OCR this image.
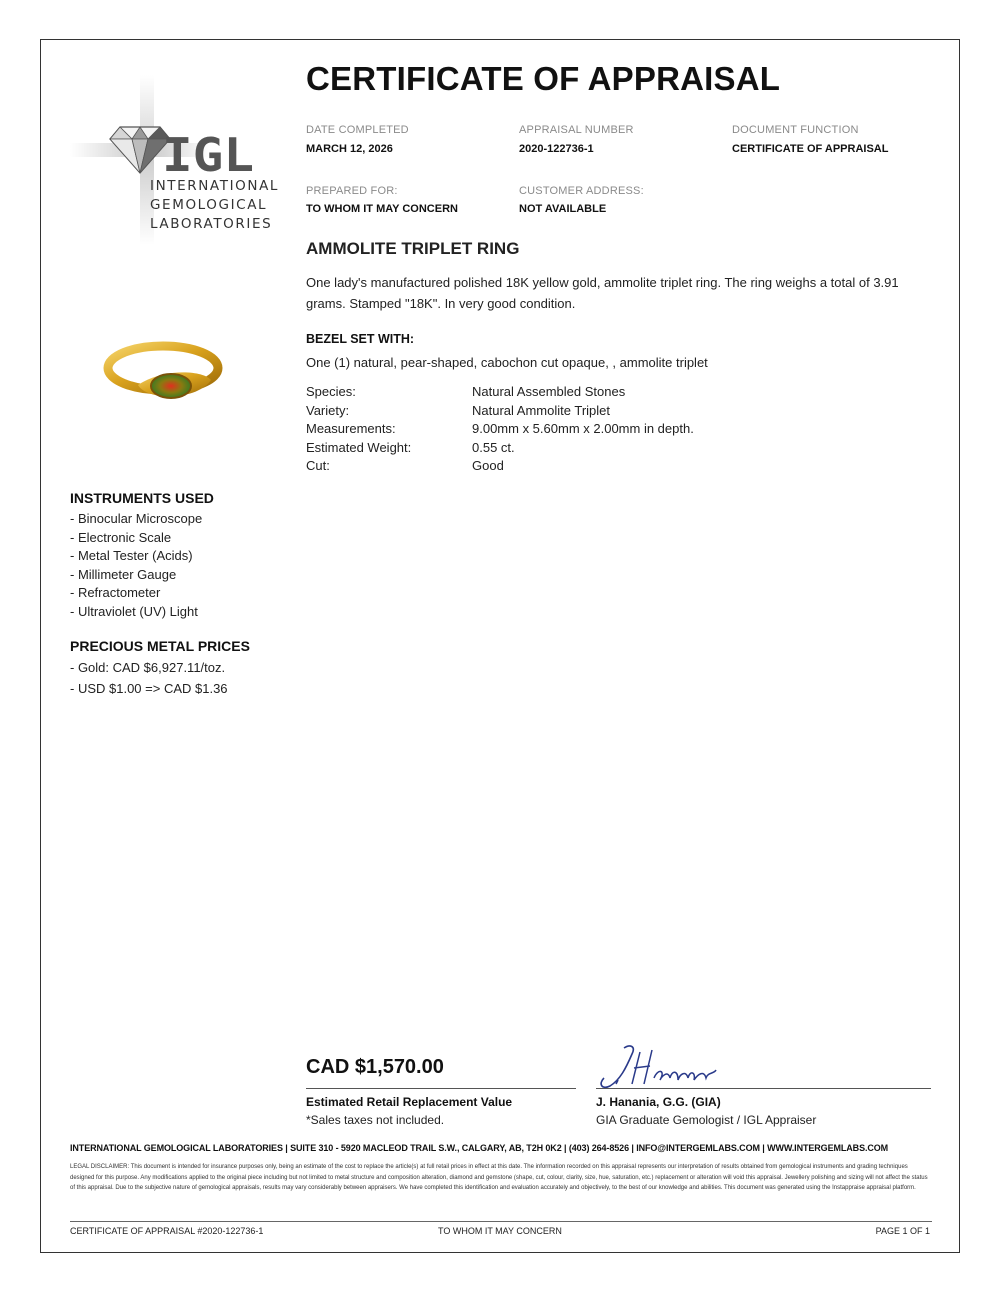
IGL
INTERNATIONAL
GEMOLOGICAL
LABORATORIES
CERTIFICATE OF APPRAISAL
DATE COMPLETED
MARCH 12, 2026
APPRAISAL NUMBER
2020-122736-1
DOCUMENT FUNCTION
CERTIFICATE OF APPRAISAL
PREPARED FOR:
TO WHOM IT MAY CONCERN
CUSTOMER ADDRESS:
NOT AVAILABLE
AMMOLITE TRIPLET RING

One lady's manufactured polished 18K yellow gold, ammolite triplet ring. The ring weighs a total of 3.91 grams. Stamped "18K". In very good condition.

BEZEL SET WITH:
One (1) natural, pear-shaped, cabochon cut opaque, , ammolite triplet
Species:	Natural Assembled Stones
Variety:	Natural Ammolite Triplet
Measurements:	9.00mm x 5.60mm x 2.00mm in depth.
Estimated Weight:	0.55 ct.
Cut:	Good
INSTRUMENTS USED
- Binocular Microscope
- Electronic Scale
- Metal Tester (Acids)
- Millimeter Gauge
- Refractometer
- Ultraviolet (UV) Light
PRECIOUS METAL PRICES
- Gold: CAD $6,927.11/toz.
- USD $1.00 => CAD $1.36
CAD $1,570.00
Estimated Retail Replacement Value
*Sales taxes not included.
J. Hanania, G.G. (GIA)
GIA Graduate Gemologist / IGL Appraiser
INTERNATIONAL GEMOLOGICAL LABORATORIES | SUITE 310 - 5920 MACLEOD TRAIL S.W., CALGARY, AB, T2H 0K2 | (403) 264-8526 | INFO@INTERGEMLABS.COM | WWW.INTERGEMLABS.COM

LEGAL DISCLAIMER: This document is intended for insurance purposes only, being an estimate of the cost to replace the article(s) at full retail prices in effect at this date. The information recorded on this appraisal represents our interpretation of results obtained from gemological instruments and grading techniques designed for this purpose. Any modifications applied to the original piece including but not limited to metal structure and composition alteration, diamond and gemstone (shape, cut, colour, clarity, size, hue, saturation, etc.) replacement or alteration will void this appraisal. Jewellery polishing and sizing will not affect the status of this appraisal. Due to the subjective nature of gemological appraisals, results may vary considerably between appraisers. We have completed this identification and evaluation accurately and objectively, to the best of our knowledge and abilities. This document was generated using the Instappraise appraisal platform.

CERTIFICATE OF APPRAISAL #2020-122736-1	TO WHOM IT MAY CONCERN	PAGE 1 OF 1
